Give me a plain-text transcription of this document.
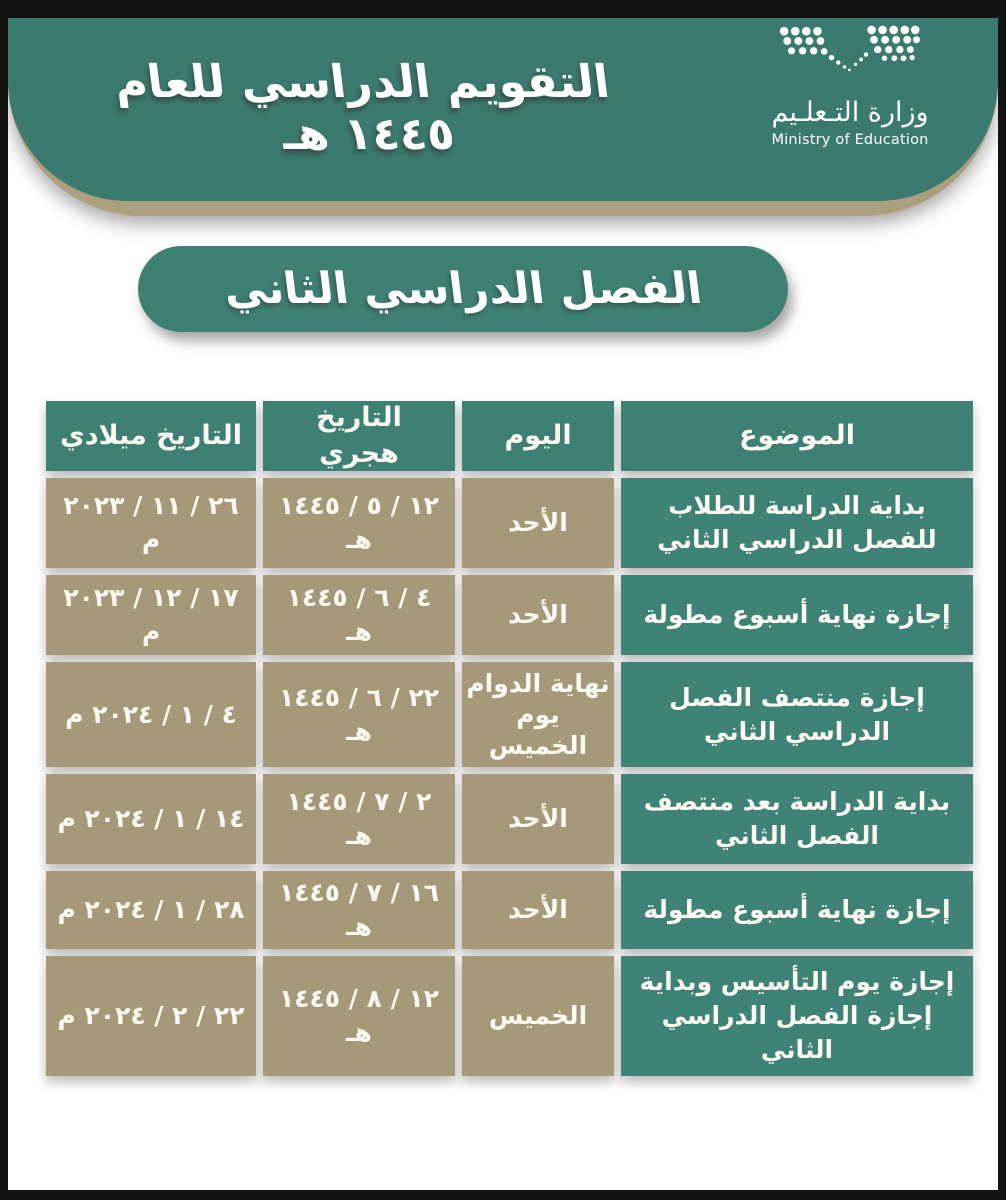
التقويم الدراسي للعام ١٤٤٥ هـ	وزارة التـعلـيم
Ministry of Education
الفصل الدراسي الثاني
الموضوع
اليوم
التاريخ هجري
التاريخ ميلادي
بداية الدراسة للطلاب للفصل الدراسي الثاني
الأحد
١٢ / ٥ / ١٤٤٥ هـ
٢٦ / ١١ / ٢٠٢٣ م
إجازة نهاية أسبوع مطولة
الأحد
٤ / ٦ / ١٤٤٥ هـ
١٧ / ١٢ / ٢٠٢٣ م
إجازة منتصف الفصل الدراسي الثاني
نهاية الدوام يوم الخميس
٢٢ / ٦ / ١٤٤٥ هـ
٤ / ١ / ٢٠٢٤ م
بداية الدراسة بعد منتصف الفصل الثاني
الأحد
٢ / ٧ / ١٤٤٥ هـ
١٤ / ١ / ٢٠٢٤ م
إجازة نهاية أسبوع مطولة
الأحد
١٦ / ٧ / ١٤٤٥ هـ
٢٨ / ١ / ٢٠٢٤ م
إجازة يوم التأسيس وبداية إجازة الفصل الدراسي الثاني
الخميس
١٢ / ٨ / ١٤٤٥ هـ
٢٢ / ٢ / ٢٠٢٤ م
